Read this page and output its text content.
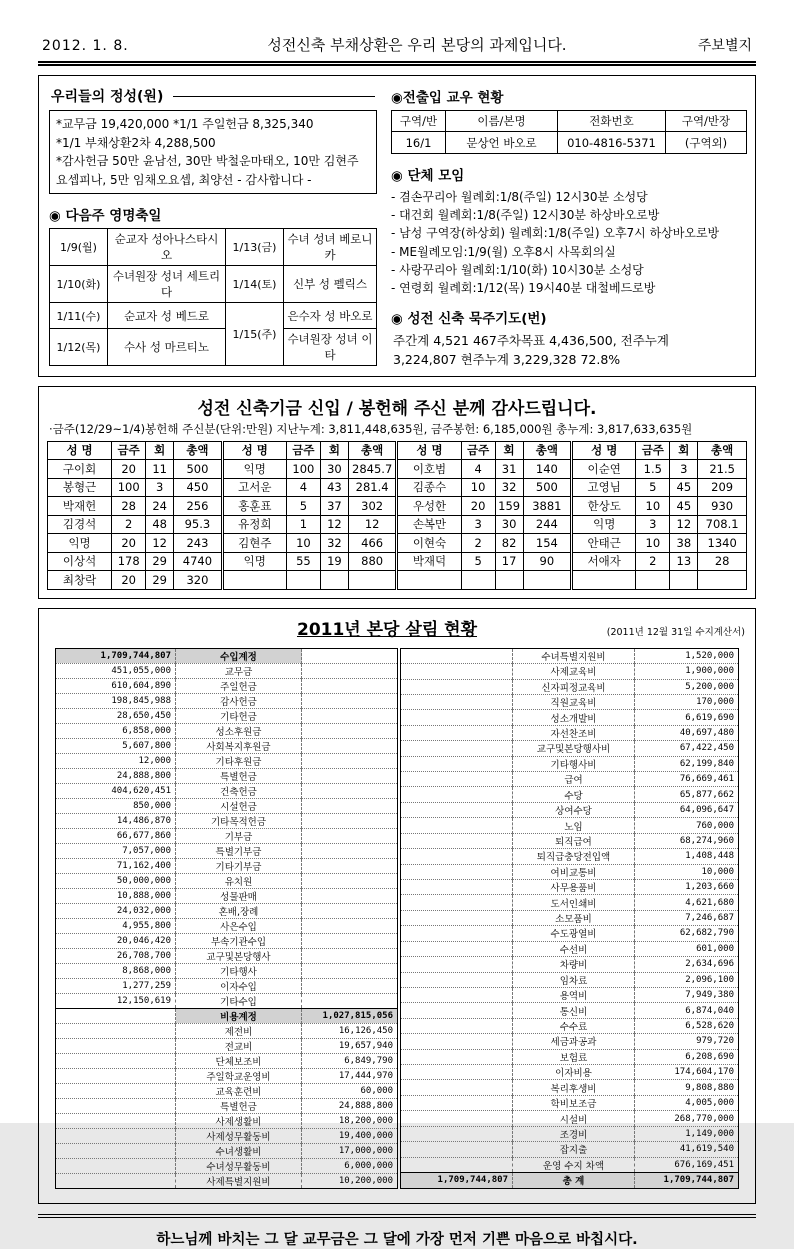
2012. 1. 8.	성전신축 부채상환은 우리 본당의 과제입니다.	주보별지
우리들의 정성(원)
*교무금 19,420,000 *1/1 주일헌금 8,325,340
*1/1 부채상환2차 4,288,500
*감사헌금 50만 윤남선, 30만 박철운마태오, 10만 김현주 요셉피나, 5만 임채오요셉, 최양선 - 감사합니다 -
◉ 다음주 영명축일
1/9(월)	순교자 성아나스타시오	1/13(금)	수녀 성녀 베로니카
1/10(화)	수녀원장 성녀 세트리다	1/14(토)	신부 성 펠릭스
1/11(수)	순교자 성 베드로	1/15(주)	은수자 성 바오로
1/12(목)	수사 성 마르티노		수녀원장 성녀 이타
◉전출입 교우 현황
구역/반	이름/본명	전화번호	구역/반장
16/1	문상언 바오로	010-4816-5371	(구역외)
◉ 단체 모임
- 겸손꾸리아 월례회:1/8(주일) 12시30분 소성당
- 대건회 월례회:1/8(주일) 12시30분 하상바오로방
- 남성 구역장(하상회) 월례회:1/8(주일) 오후7시 하상바오로방
- ME월례모임:1/9(월) 오후8시 사목회의실
- 사랑꾸리아 월례회:1/10(화) 10시30분 소성당
- 연령회 월례회:1/12(목) 19시40분 대철베드로방
◉ 성전 신축 묵주기도(번)
주간계 4,521 467주차목표 4,436,500, 전주누계
3,224,807 현주누계 3,229,328 72.8%
성전 신축기금 신입 / 봉헌해 주신 분께 감사드립니다.
·금주(12/29~1/4)봉헌해 주신분(단위:만원) 지난누계: 3,811,448,635원, 금주봉헌: 6,185,000원 총누계: 3,817,633,635원
성 명	금주	회	총액	성 명	금주	회	총액	성 명	금주	회	총액	성 명	금주	회	총액
구이회	20	11	500	익명	100	30	2845.7	이호범	4	31	140	이순연	1.5	3	21.5
봉형근	100	3	450	고서운	4	43	281.4	김종수	10	32	500	고영님	5	45	209
박재헌	28	24	256	홍훈표	5	37	302	우성한	20	159	3881	한상도	10	45	930
김경석	2	48	95.3	유정희	1	12	12	손복만	3	30	244	익명	3	12	708.1
익명	20	12	243	김현주	10	32	466	이현숙	2	82	154	안태근	10	38	1340
이상석	178	29	4740	익명	55	19	880	박재덕	5	17	90	서애자	2	13	28
최창락	20	29	320												
2011년 본당 살림 현황	(2011년 12월 31일 수지계산서)
1,709,744,807	수입계정	
451,055,000	교무금	
610,604,890	주일헌금	
198,845,988	감사헌금	
28,650,450	기타헌금	
6,858,000	성소후원금	
5,607,800	사회복지후원금	
12,000	기타후원금	
24,888,800	특별헌금	
404,620,451	건축헌금	
850,000	시설헌금	
14,486,870	기타목적헌금	
66,677,860	기부금	
7,057,000	특별기부금	
71,162,400	기타기부금	
50,000,000	유치원	
10,888,000	성물판매	
24,032,000	혼배,장례	
4,955,800	사은수입	
20,046,420	부속기관수입	
26,708,700	교구및본당행사	
8,868,000	기타행사	
1,277,259	이자수입	
12,150,619	기타수입	
	비용계정	1,027,815,056
	제전비	16,126,450
	전교비	19,657,940
	단체보조비	6,849,790
	주일학교운영비	17,444,970
	교육훈련비	60,000
	특별헌금	24,888,800
	사제생활비	18,200,000
	사제성무활동비	19,400,000
	수녀생활비	17,000,000
	수녀성무활동비	6,000,000
	사제특별지원비	10,200,000
	수녀특별지원비	1,520,000
	사제교육비	1,900,000
	신자피정교육비	5,200,000
	직원교육비	170,000
	성소개발비	6,619,690
	자선찬조비	40,697,480
	교구및본당행사비	67,422,450
	기타행사비	62,199,840
	급여	76,669,461
	수당	65,877,662
	상여수당	64,096,647
	노임	760,000
	퇴직급여	68,274,960
	퇴직급충당전입액	1,408,448
	여비교통비	10,000
	사무용품비	1,203,660
	도서인쇄비	4,621,680
	소모품비	7,246,687
	수도광열비	62,682,790
	수선비	601,000
	차량비	2,634,696
	임차료	2,096,100
	용역비	7,949,380
	통신비	6,874,040
	수수료	6,528,620
	세금과공과	979,720
	보험료	6,208,690
	이자비용	174,604,170
	복리후생비	9,808,880
	학비보조금	4,005,000
	시설비	268,770,000
	조경비	1,149,000
	잡지출	41,619,540
	운영 수지 차액	676,169,451
1,709,744,807	총 계	1,709,744,807
하느님께 바치는 그 달 교무금은 그 달에 가장 먼저 기쁜 마음으로 바칩시다.
